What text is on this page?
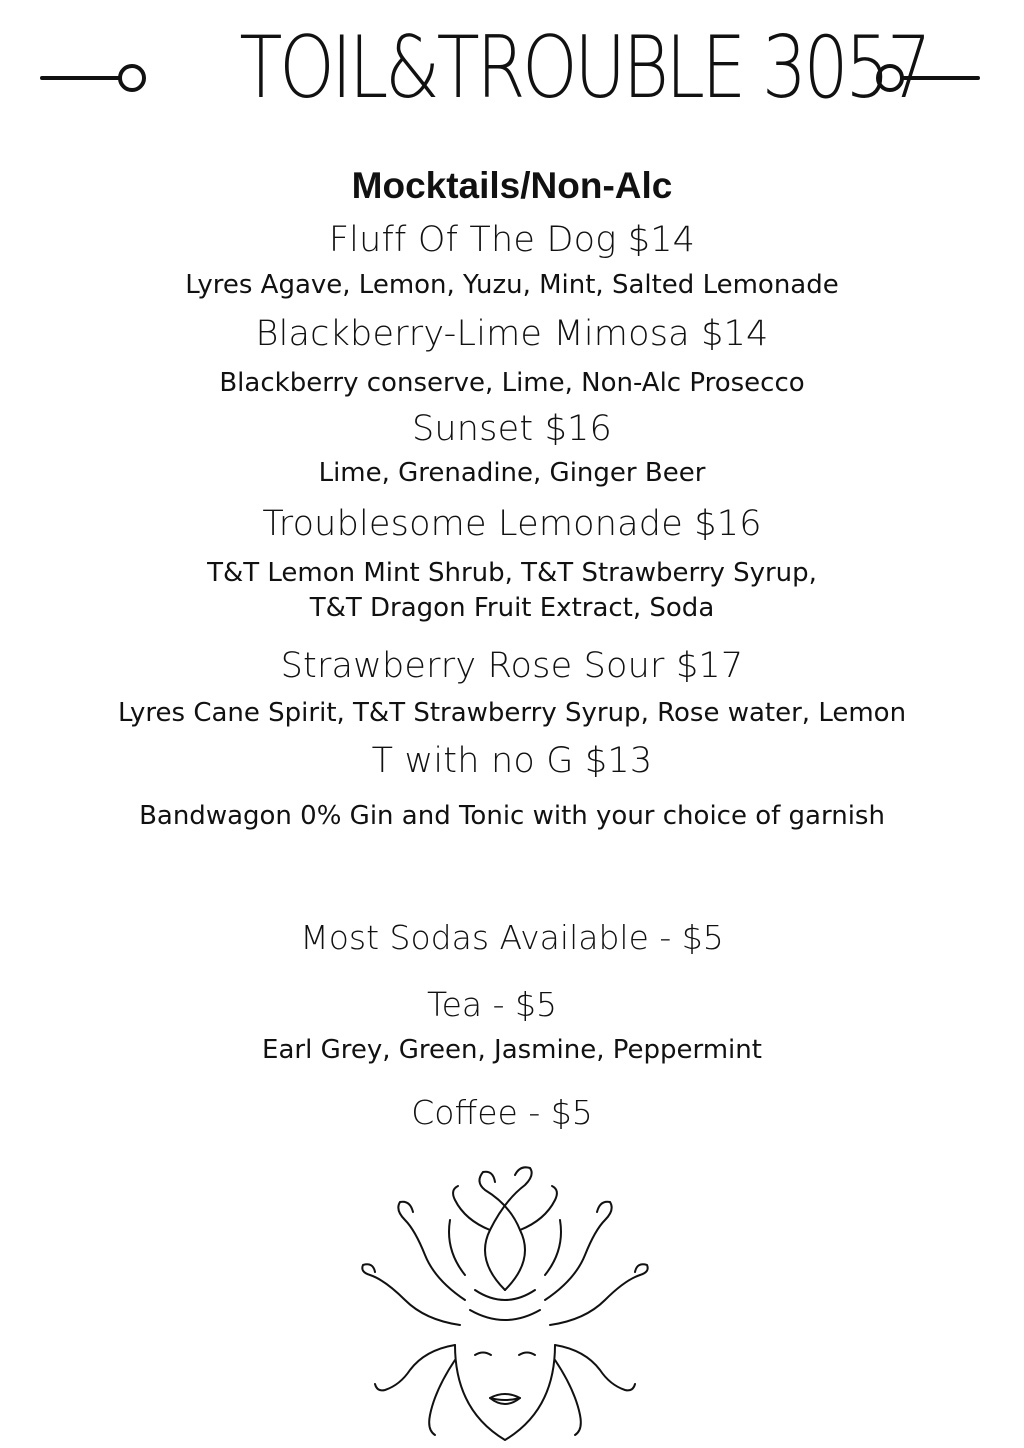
TOIL&TROUBLE 3057
Mocktails/Non-Alc
Fluff Of The Dog $14
Lyres Agave, Lemon, Yuzu, Mint, Salted Lemonade
Blackberry-Lime Mimosa $14
Blackberry conserve, Lime, Non-Alc Prosecco
Sunset $16
Lime, Grenadine, Ginger Beer
Troublesome Lemonade $16
T&T Lemon Mint Shrub, T&T Strawberry Syrup,
T&T Dragon Fruit Extract, Soda
Strawberry Rose Sour $17
Lyres Cane Spirit, T&T Strawberry Syrup, Rose water, Lemon
T with no G $13
Bandwagon 0% Gin and Tonic with your choice of garnish
Most Sodas Available - $5
Tea - $5
Earl Grey, Green, Jasmine, Peppermint
Coffee - $5
